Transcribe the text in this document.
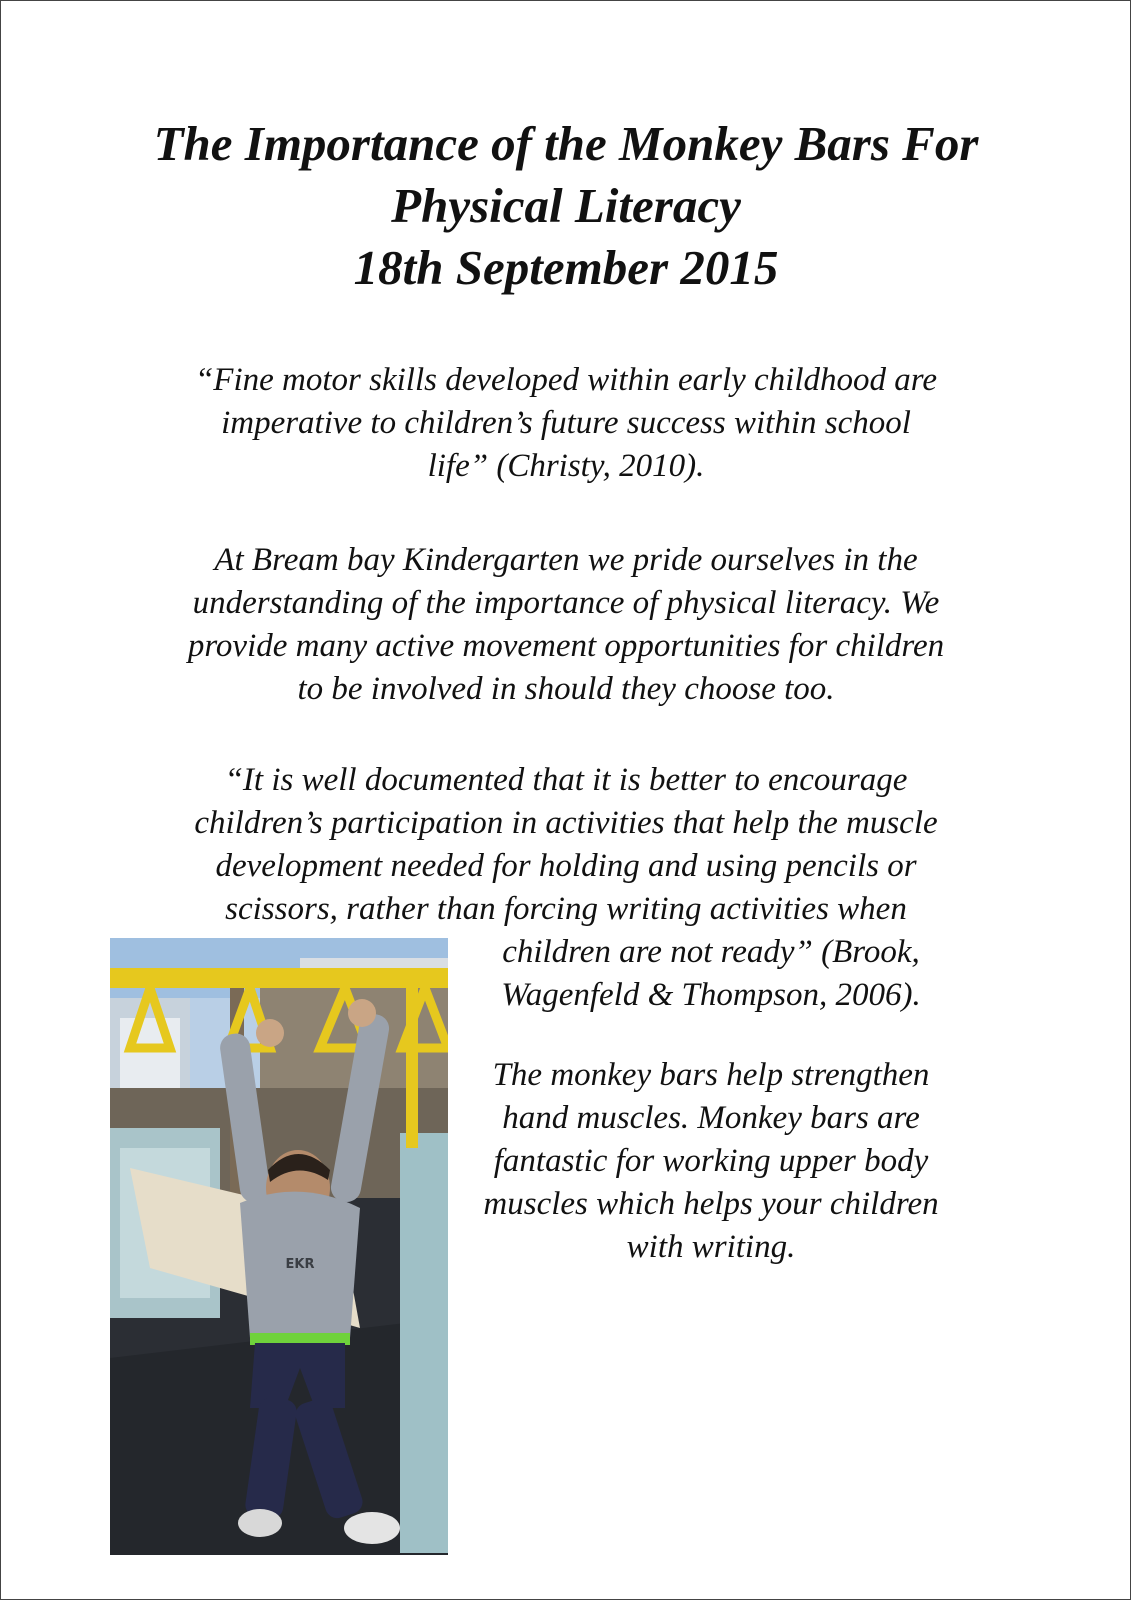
The Importance of the Monkey Bars For
Physical Literacy
18th September 2015
“Fine motor skills developed within early childhood are
imperative to children’s future success within school
life” (Christy, 2010).
At Bream bay Kindergarten we pride ourselves in the
understanding of the importance of physical literacy. We
provide many active movement opportunities for children
to be involved in should they choose too.
“It is well documented that it is better to encourage
children’s participation in activities that help the muscle
development needed for holding and using pencils or
scissors, rather than forcing writing activities when
children are not ready” (Brook,
Wagenfeld & Thompson, 2006).
The monkey bars help strengthen
hand muscles. Monkey bars are
fantastic for working upper body
muscles which helps your children
with writing.
EKR
